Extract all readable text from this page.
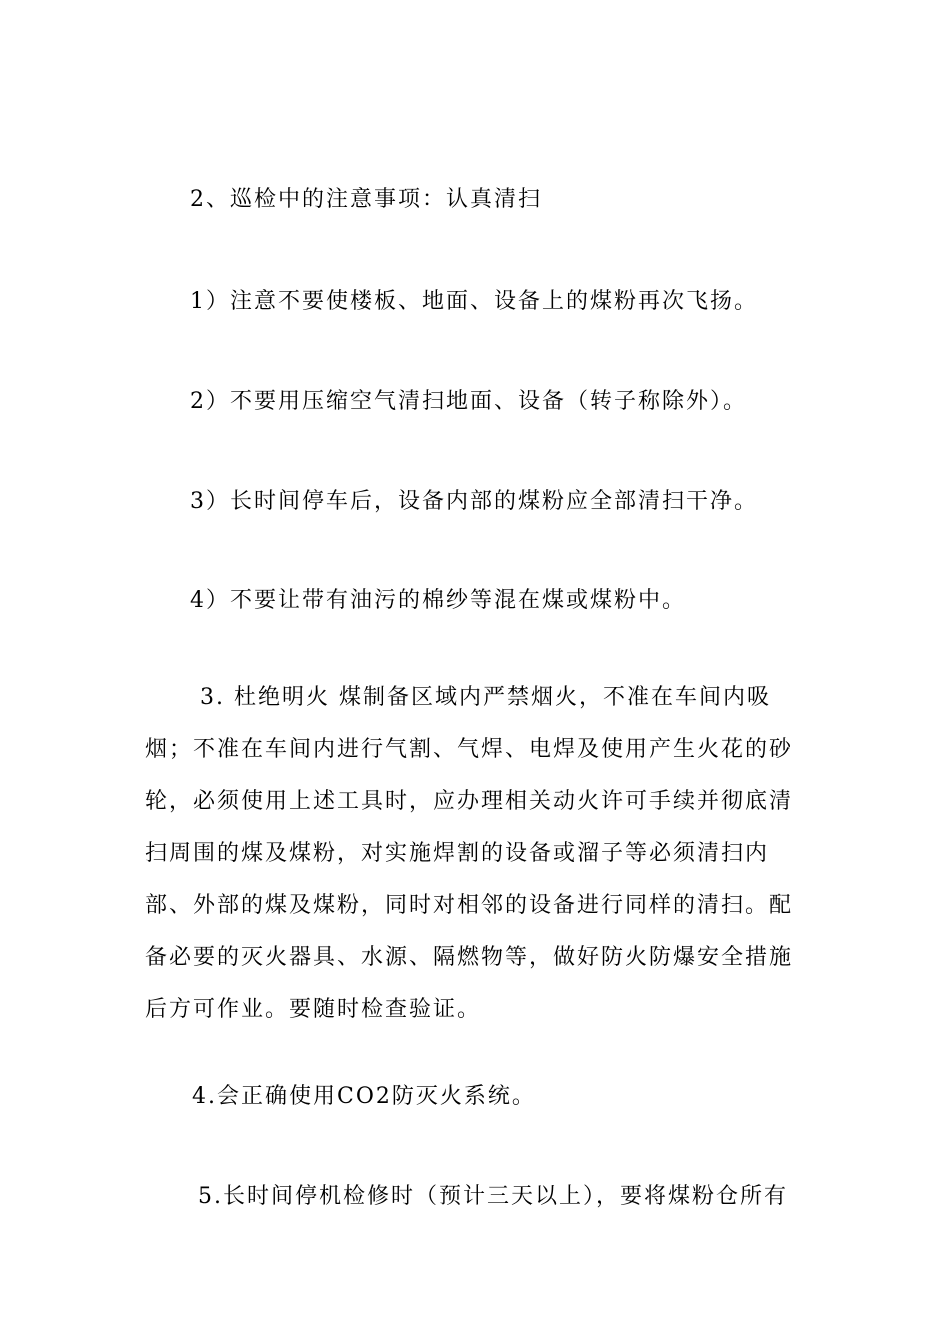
2、巡检中的注意事项：认真清扫
1）注意不要使楼板、地面、设备上的煤粉再次飞扬。
2）不要用压缩空气清扫地面、设备（转子称除外）。
3）长时间停车后，设备内部的煤粉应全部清扫干净。
4）不要让带有油污的棉纱等混在煤或煤粉中。
3. 杜绝明火 煤制备区域内严禁烟火，不准在车间内吸
烟；不准在车间内进行气割、气焊、电焊及使用产生火花的砂
轮，必须使用上述工具时，应办理相关动火许可手续并彻底清
扫周围的煤及煤粉，对实施焊割的设备或溜子等必须清扫内
部、外部的煤及煤粉，同时对相邻的设备进行同样的清扫。配
备必要的灭火器具、水源、隔燃物等，做好防火防爆安全措施
后方可作业。要随时检查验证。
4.会正确使用CO2防灭火系统。
5.长时间停机检修时（预计三天以上），要将煤粉仓所有
